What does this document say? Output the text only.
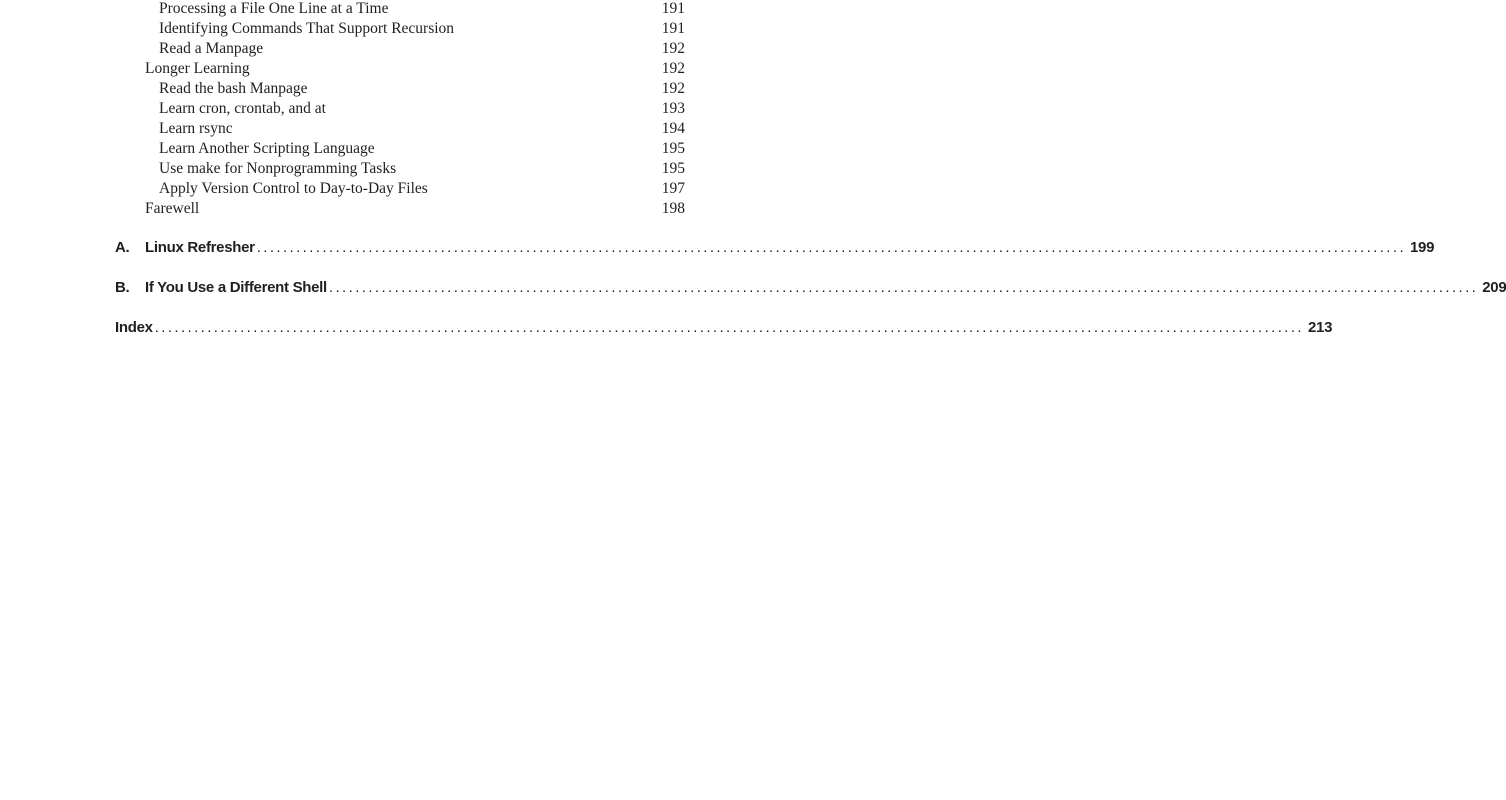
Processing a File One Line at a Time	191
Identifying Commands That Support Recursion	191
Read a Manpage	192
Longer Learning	192
Read the bash Manpage	192
Learn cron, crontab, and at	193
Learn rsync	194
Learn Another Scripting Language	195
Use make for Nonprogramming Tasks	195
Apply Version Control to Day-to-Day Files	197
Farewell	198
A.	Linux Refresher ............................................................................................................................................................................... 199
B.	If You Use a Different Shell ............................................................................................................................................................................... 209
Index ............................................................................................................................................................................... 213
